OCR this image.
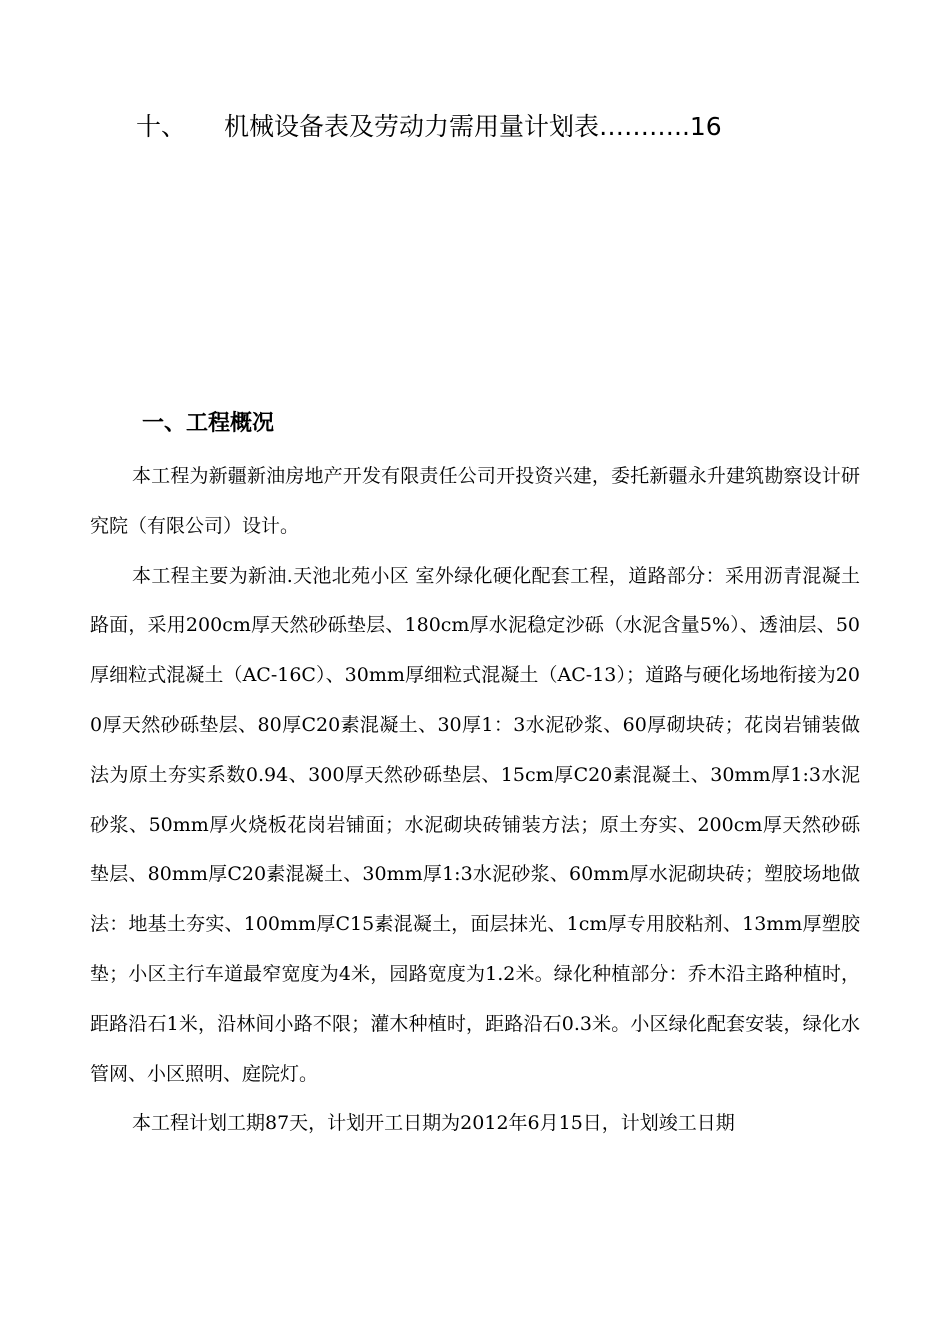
十、 机械设备表及劳动力需用量计划表………..16
一、工程概况

本工程为新疆新油房地产开发有限责任公司开投资兴建，委托新疆永升建筑勘察设计研究院（有限公司）设计。

本工程主要为新油.天池北苑小区 室外绿化硬化配套工程，道路部分：采用沥青混凝土路面，采用200cm厚天然砂砾垫层、180cm厚水泥稳定沙砾（水泥含量5%）、透油层、50厚细粒式混凝土（AC-16C）、30mm厚细粒式混凝土（AC-13）；道路与硬化场地衔接为200厚天然砂砾垫层、80厚C20素混凝土、30厚1：3水泥砂浆、60厚砌块砖；花岗岩铺装做法为原土夯实系数0.94、300厚天然砂砾垫层、15cm厚C20素混凝土、30mm厚1:3水泥砂浆、50mm厚火烧板花岗岩铺面；水泥砌块砖铺装方法；原土夯实、200cm厚天然砂砾垫层、80mm厚C20素混凝土、30mm厚1:3水泥砂浆、60mm厚水泥砌块砖；塑胶场地做法：地基土夯实、100mm厚C15素混凝土，面层抹光、1cm厚专用胶粘剂、13mm厚塑胶垫；小区主行车道最窄宽度为4米，园路宽度为1.2米。绿化种植部分：乔木沿主路种植时，距路沿石1米，沿林间小路不限；灌木种植时，距路沿石0.3米。小区绿化配套安装，绿化水管网、小区照明、庭院灯。

本工程计划工期87天，计划开工日期为2012年6月15日，计划竣工日期
